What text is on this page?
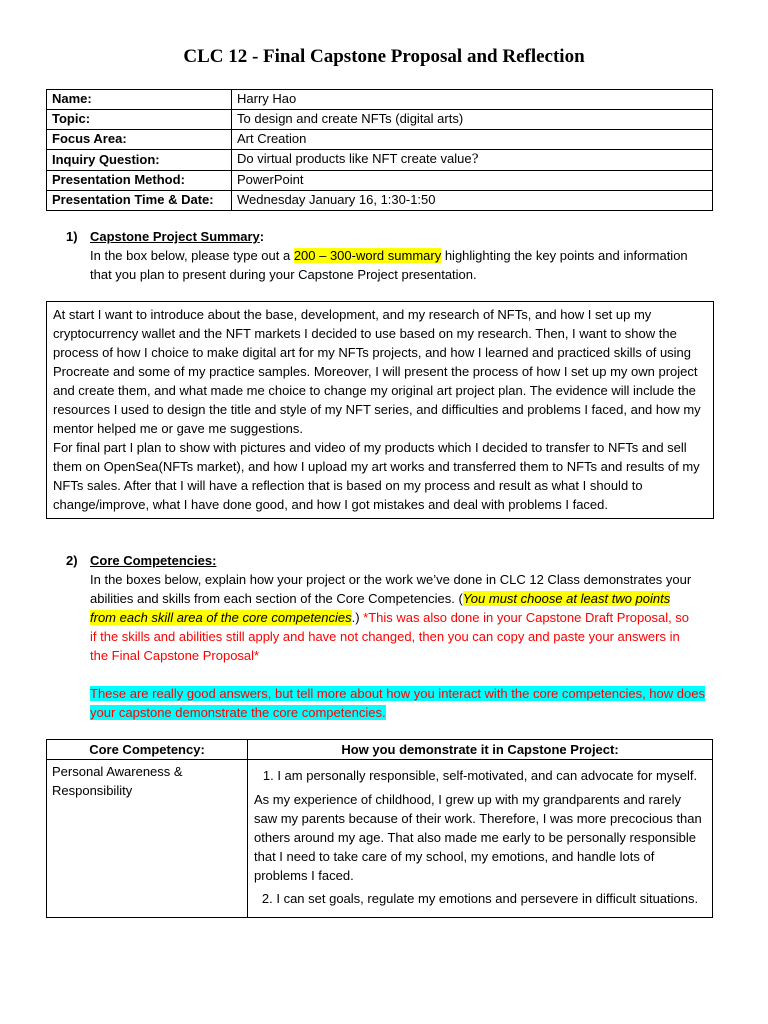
CLC 12 - Final Capstone Proposal and Reflection
Name:	Harry Hao
Topic:	To design and create NFTs (digital arts)
Focus Area:	Art Creation
Inquiry Question:	Do virtual products like NFT create value?
Presentation Method:	PowerPoint
Presentation Time & Date:	Wednesday January 16, 1:30-1:50
1) Capstone Project Summary:
In the box below, please type out a 200 – 300-word summary highlighting the key points and information that you plan to present during your Capstone Project presentation.

At start I want to introduce about the base, development, and my research of NFTs, and how I set up my cryptocurrency wallet and the NFT markets I decided to use based on my research. Then, I want to show the process of how I choice to make digital art for my NFTs projects, and how I learned and practiced skills of using Procreate and some of my practice samples. Moreover, I will present the process of how I set up my own project and create them, and what made me choice to change my original art project plan. The evidence will include the resources I used to design the title and style of my NFT series, and difficulties and problems I faced, and how my mentor helped me or gave me suggestions.

For final part I plan to show with pictures and video of my products which I decided to transfer to NFTs and sell them on OpenSea(NFTs market), and how I upload my art works and transferred them to NFTs and results of my NFTs sales. After that I will have a reflection that is based on my process and result as what I should to change/improve, what I have done good, and how I got mistakes and deal with problems I faced.

2) Core Competencies:
In the boxes below, explain how your project or the work we’ve done in CLC 12 Class demonstrates your abilities and skills from each section of the Core Competencies. (You must choose at least two points from each skill area of the core competencies.) *This was also done in your Capstone Draft Proposal, so if the skills and abilities still apply and have not changed, then you can copy and paste your answers in the Final Capstone Proposal*
These are really good answers, but tell more about how you interact with the core competencies, how does your capstone demonstrate the core competencies.
Core Competency:	How you demonstrate it in Capstone Project:
Personal Awareness & Responsibility	1. I am personally responsible, self-motivated, and can advocate for myself.

As my experience of childhood, I grew up with my grandparents and rarely saw my parents because of their work. Therefore, I was more precocious than others around my age. That also made me early to be personally responsible that I need to take care of my school, my emotions, and handle lots of problems I faced.

2. I can set goals, regulate my emotions and persevere in difficult situations.
